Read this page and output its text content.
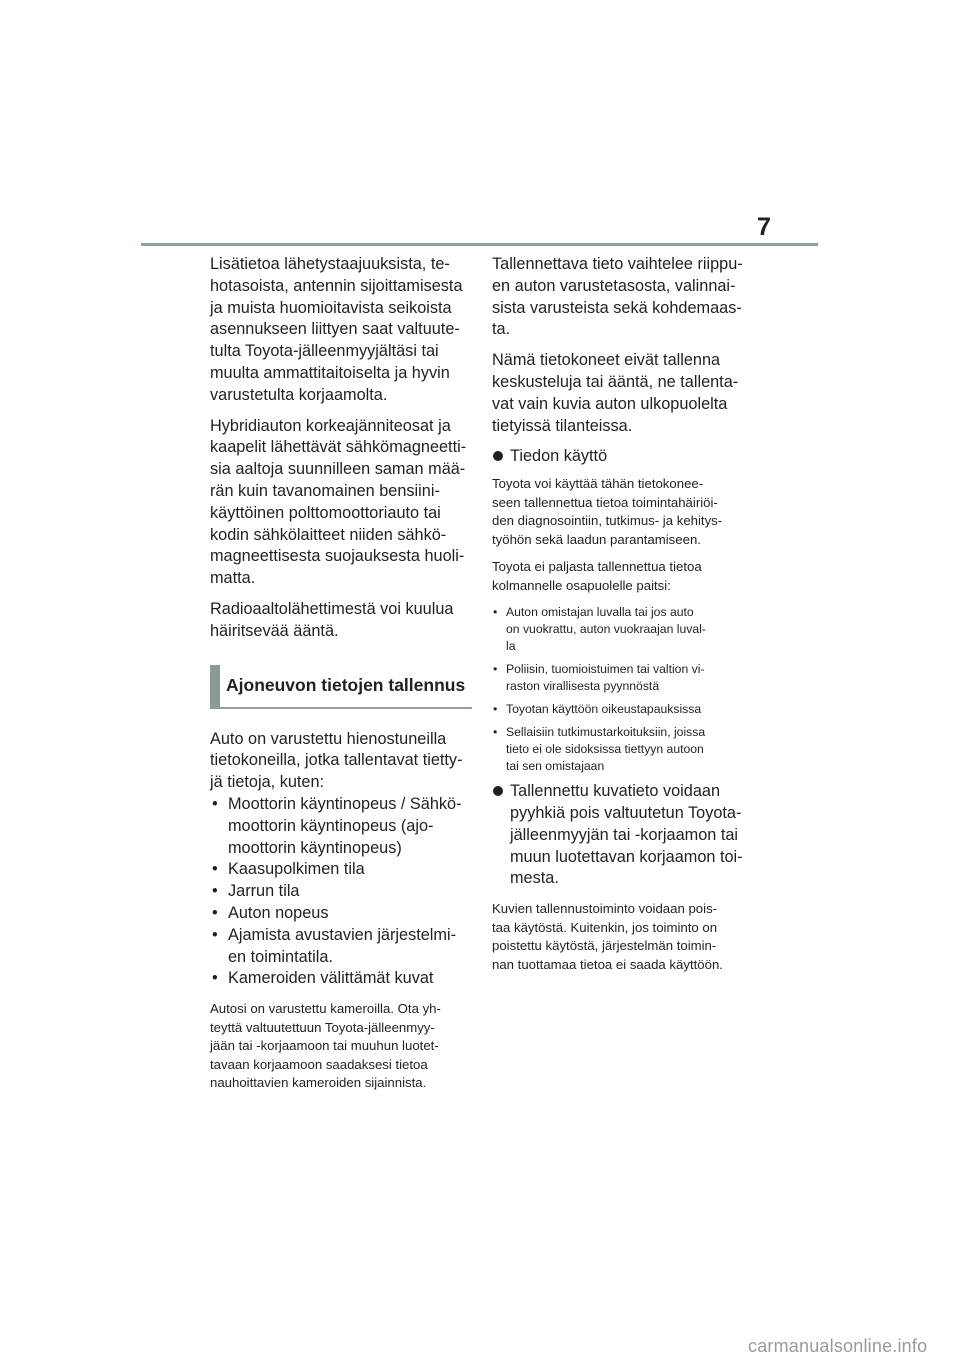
7

Lisätietoa lähetystaajuuksista, te-
hotasoista, antennin sijoittamisesta
ja muista huomioitavista seikoista
asennukseen liittyen saat valtuute-
tulta Toyota-jälleenmyyjältäsi tai
muulta ammattitaitoiselta ja hyvin
varustetulta korjaamolta.

Hybridiauton korkeajänniteosat ja
kaapelit lähettävät sähkömagneetti-
sia aaltoja suunnilleen saman mää-
rän kuin tavanomainen bensiini-
käyttöinen polttomoottoriauto tai
kodin sähkölaitteet niiden sähkö-
magneettisesta suojauksesta huoli-
matta.

Radioaaltolähettimestä voi kuulua
häiritsevää ääntä.

Ajoneuvon tietojen tallennus

Auto on varustettu hienostuneilla
tietokoneilla, jotka tallentavat tietty-
jä tietoja, kuten:

• Moottorin käyntinopeus / Sähkö-
moottorin käyntinopeus (ajo-
moottorin käyntinopeus)
• Kaasupolkimen tila
• Jarrun tila
• Auton nopeus
• Ajamista avustavien järjestelmi-
en toimintatila.
• Kameroiden välittämät kuvat

Autosi on varustettu kameroilla. Ota yh-
teyttä valtuutettuun Toyota-jälleenmyy-
jään tai -korjaamoon tai muuhun luotet-
tavaan korjaamoon saadaksesi tietoa
nauhoittavien kameroiden sijainnista.

Tallennettava tieto vaihtelee riippu-
en auton varustetasosta, valinnai-
sista varusteista sekä kohdemaas-
ta.

Nämä tietokoneet eivät tallenna
keskusteluja tai ääntä, ne tallenta-
vat vain kuvia auton ulkopuolelta
tietyissä tilanteissa.

Tiedon käyttö

Toyota voi käyttää tähän tietokonee-
seen tallennettua tietoa toimintahäiriöi-
den diagnosointiin, tutkimus- ja kehitys-
työhön sekä laadun parantamiseen.

Toyota ei paljasta tallennettua tietoa
kolmannelle osapuolelle paitsi:

• Auton omistajan luvalla tai jos auto
on vuokrattu, auton vuokraajan luval-
la
• Poliisin, tuomioistuimen tai valtion vi-
raston virallisesta pyynnöstä
• Toyotan käyttöön oikeustapauksissa
• Sellaisiin tutkimustarkoituksiin, joissa
tieto ei ole sidoksissa tiettyyn autoon
tai sen omistajaan
Tallennettu kuvatieto voidaan
pyyhkiä pois valtuutetun Toyota-
jälleenmyyjän tai -korjaamon tai
muun luotettavan korjaamon toi-
mesta.

Kuvien tallennustoiminto voidaan pois-
taa käytöstä. Kuitenkin, jos toiminto on
poistettu käytöstä, järjestelmän toimin-
nan tuottamaa tietoa ei saada käyttöön.

carmanualsonline.info
